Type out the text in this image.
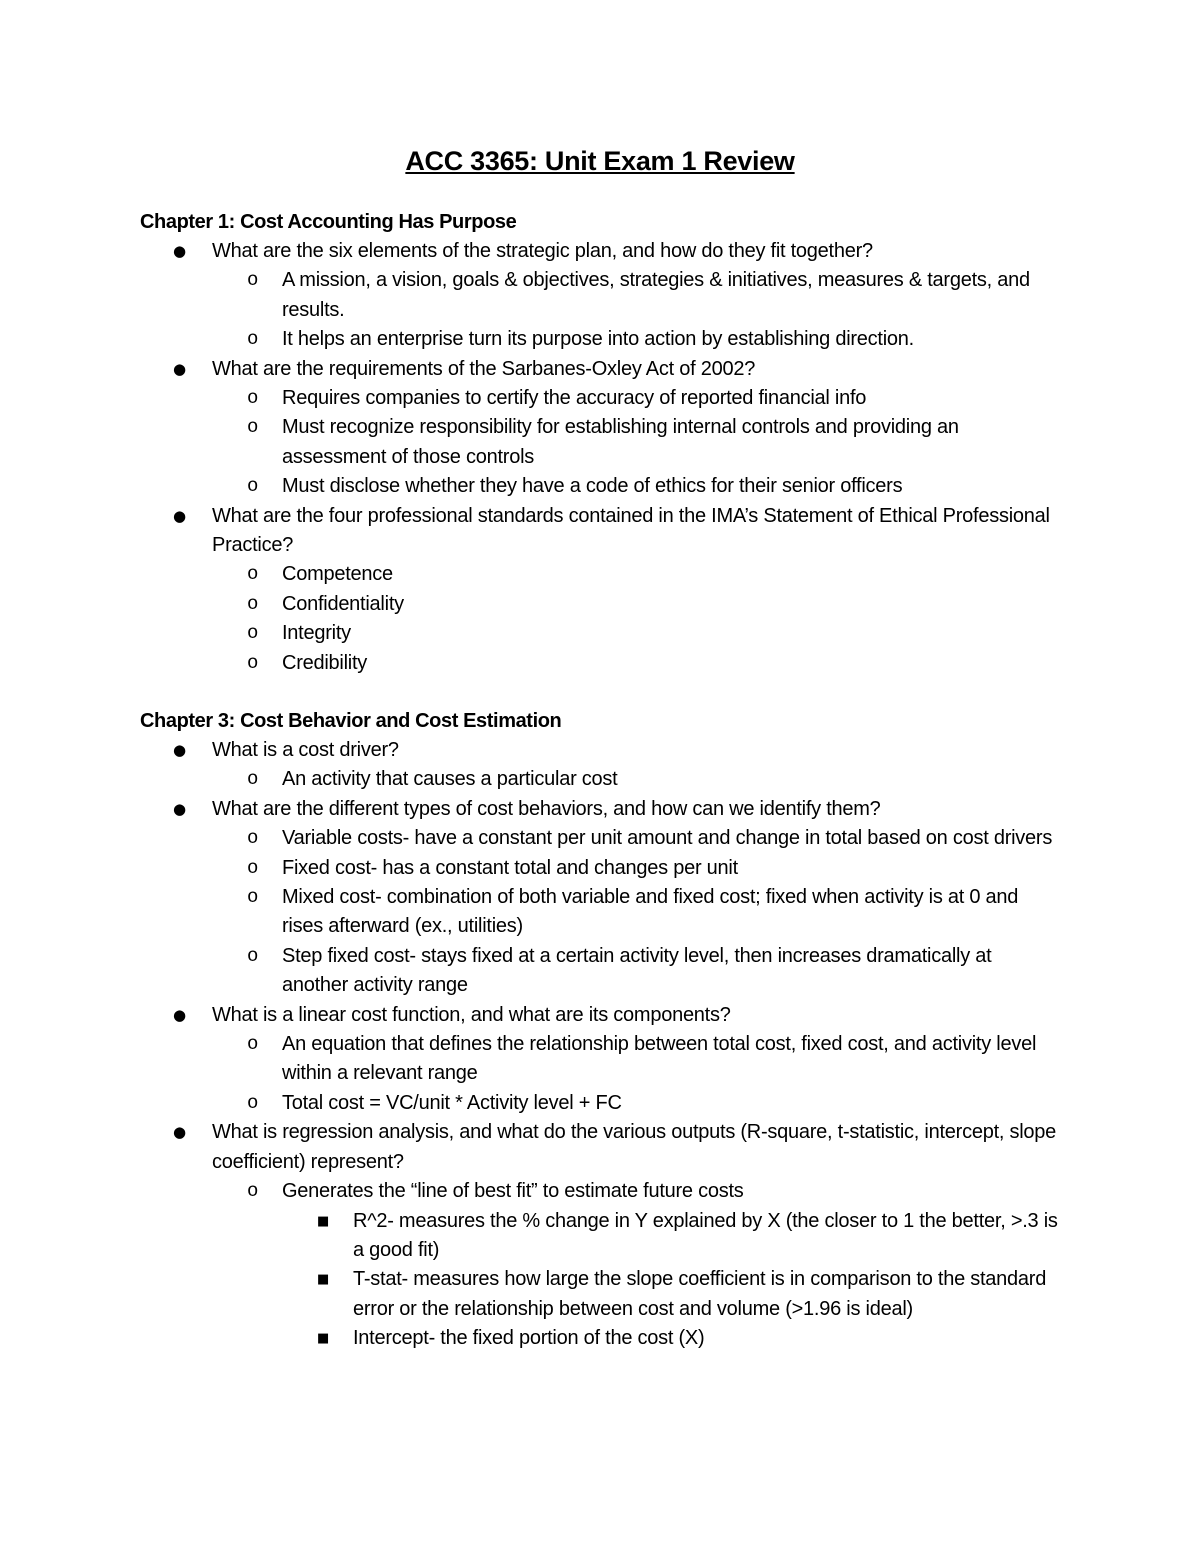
ACC 3365: Unit Exam 1 Review
Chapter 1: Cost Accounting Has Purpose
● What are the six elements of the strategic plan, and how do they fit together?
o A mission, a vision, goals & objectives, strategies & initiatives, measures & targets, and results.
o It helps an enterprise turn its purpose into action by establishing direction.
● What are the requirements of the Sarbanes-Oxley Act of 2002?
o Requires companies to certify the accuracy of reported financial info
o Must recognize responsibility for establishing internal controls and providing an assessment of those controls
o Must disclose whether they have a code of ethics for their senior officers
● What are the four professional standards contained in the IMA’s Statement of Ethical Professional Practice?
o Competence
o Confidentiality
o Integrity
o Credibility
Chapter 3: Cost Behavior and Cost Estimation
● What is a cost driver?
o An activity that causes a particular cost
● What are the different types of cost behaviors, and how can we identify them?
o Variable costs- have a constant per unit amount and change in total based on cost drivers
o Fixed cost- has a constant total and changes per unit
o Mixed cost- combination of both variable and fixed cost; fixed when activity is at 0 and rises afterward (ex., utilities)
o Step fixed cost- stays fixed at a certain activity level, then increases dramatically at another activity range
● What is a linear cost function, and what are its components?
o An equation that defines the relationship between total cost, fixed cost, and activity level within a relevant range
o Total cost = VC/unit * Activity level + FC
● What is regression analysis, and what do the various outputs (R-square, t-statistic, intercept, slope coefficient) represent?
o Generates the “line of best fit” to estimate future costs
■ R^2- measures the % change in Y explained by X (the closer to 1 the better, >.3 is a good fit)
■ T-stat- measures how large the slope coefficient is in comparison to the standard error or the relationship between cost and volume (>1.96 is ideal)
■ Intercept- the fixed portion of the cost (X)
